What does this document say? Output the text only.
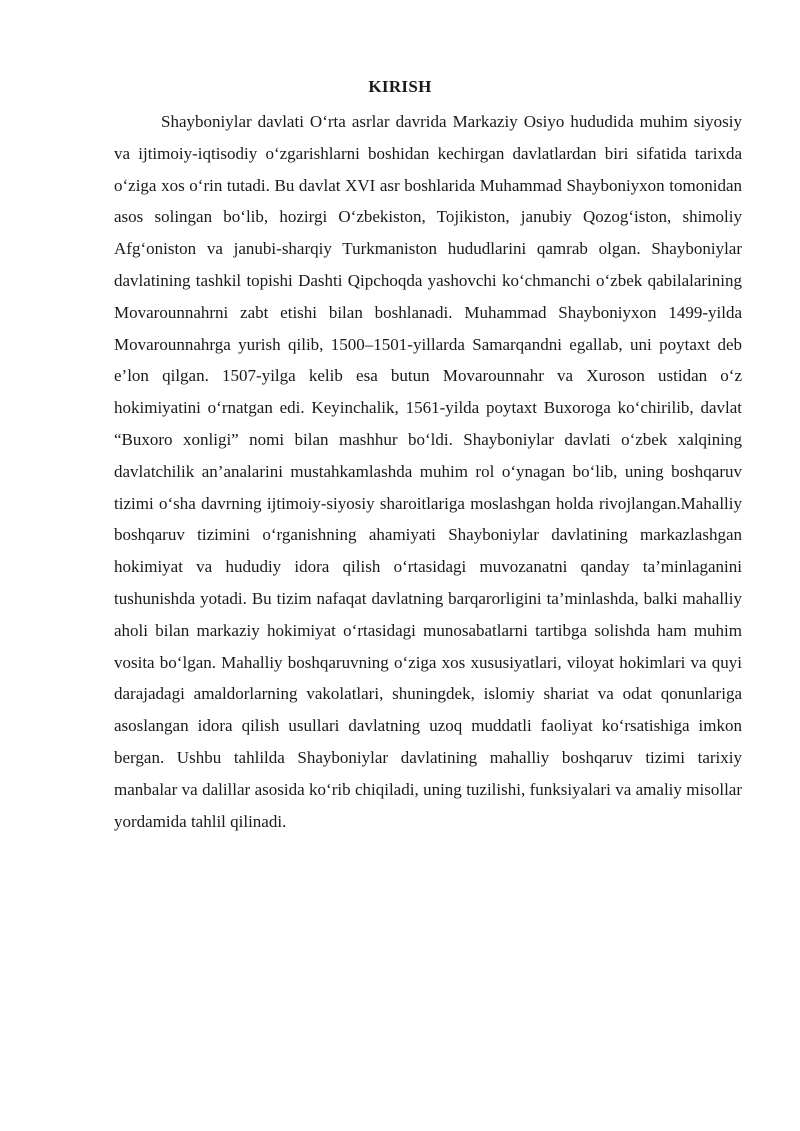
KIRISH

Shayboniylar davlati O‘rta asrlar davrida Markaziy Osiyo hududida muhim siyosiy va ijtimoiy-iqtisodiy o‘zgarishlarni boshidan kechirgan davlatlardan biri sifatida tarixda o‘ziga xos o‘rin tutadi. Bu davlat XVI asr boshlarida Muhammad Shayboniyxon tomonidan asos solingan bo‘lib, hozirgi O‘zbekiston, Tojikiston, janubiy Qozog‘iston, shimoliy Afg‘oniston va janubi-sharqiy Turkmaniston hududlarini qamrab olgan. Shayboniylar davlatining tashkil topishi Dashti Qipchoqda yashovchi ko‘chmanchi o‘zbek qabilalarining Movarounnahrni zabt etishi bilan boshlanadi. Muhammad Shayboniyxon 1499-yilda Movarounnahrga yurish qilib, 1500–1501-yillarda Samarqandni egallab, uni poytaxt deb e’lon qilgan. 1507-yilga kelib esa butun Movarounnahr va Xuroson ustidan o‘z hokimiyatini o‘rnatgan edi. Keyinchalik, 1561-yilda poytaxt Buxoroga ko‘chirilib, davlat “Buxoro xonligi” nomi bilan mashhur bo‘ldi. Shayboniylar davlati o‘zbek xalqining davlatchilik an’analarini mustahkamlashda muhim rol o‘ynagan bo‘lib, uning boshqaruv tizimi o‘sha davrning ijtimoiy-siyosiy sharoitlariga moslashgan holda rivojlangan.Mahalliy boshqaruv tizimini o‘rganishning ahamiyati Shayboniylar davlatining markazlashgan hokimiyat va hududiy idora qilish o‘rtasidagi muvozanatni qanday ta’minlaganini tushunishda yotadi. Bu tizim nafaqat davlatning barqarorligini ta’minlashda, balki mahalliy aholi bilan markaziy hokimiyat o‘rtasidagi munosabatlarni tartibga solishda ham muhim vosita bo‘lgan. Mahalliy boshqaruvning o‘ziga xos xususiyatlari, viloyat hokimlari va quyi darajadagi amaldorlarning vakolatlari, shuningdek, islomiy shariat va odat qonunlariga asoslangan idora qilish usullari davlatning uzoq muddatli faoliyat ko‘rsatishiga imkon bergan. Ushbu tahlilda Shayboniylar davlatining mahalliy boshqaruv tizimi tarixiy manbalar va dalillar asosida ko‘rib chiqiladi, uning tuzilishi, funksiyalari va amaliy misollar yordamida tahlil qilinadi.
